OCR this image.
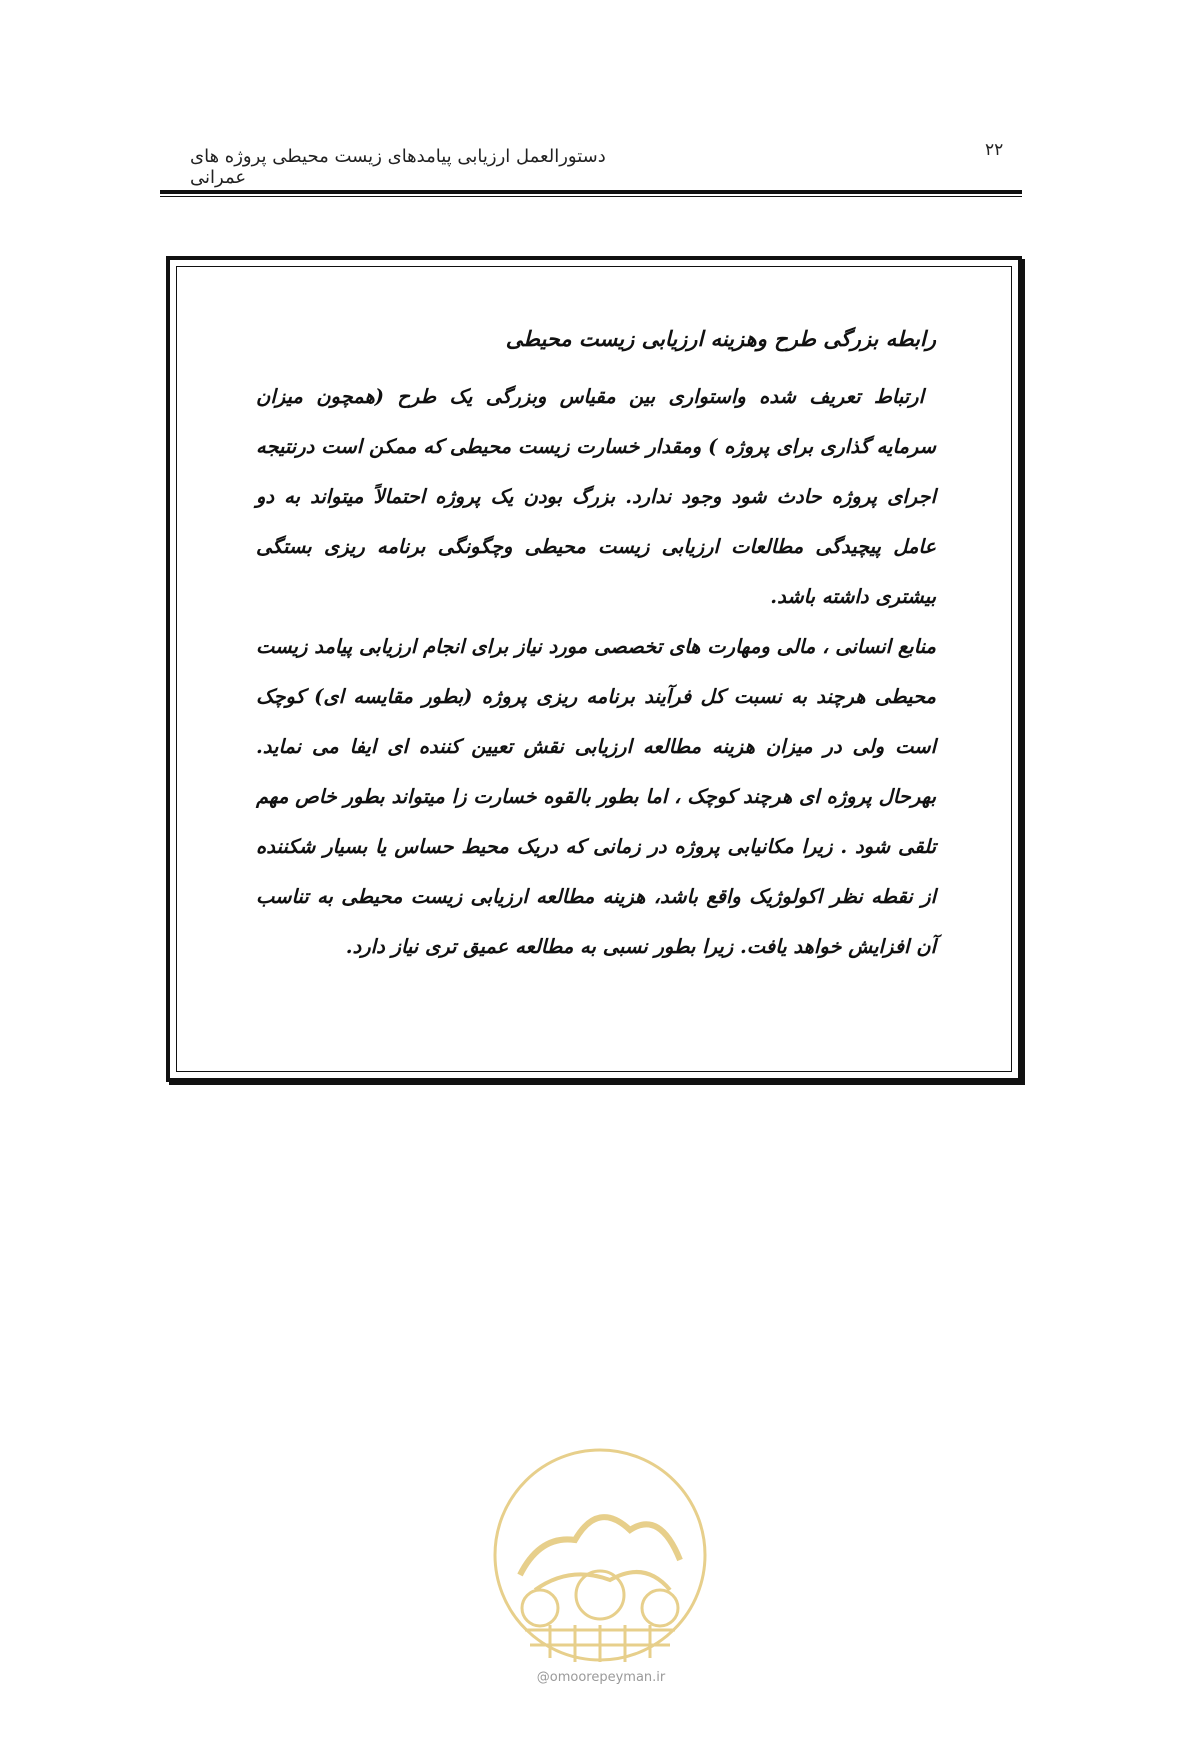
۲۲
دستورالعمل ارزیابی پیامدهای زیست محیطی پروژه های عمرانی
رابطه بزرگی طرح وهزینه ارزیابی زیست محیطی

ارتباط تعریف شده واستواری بین مقیاس وبزرگی یک طرح (همچون میزان سرمایه گذاری برای پروژه ) ومقدار خسارت زیست محیطی که ممکن است درنتیجه اجرای پروژه حادث شود وجود ندارد. بزرگ بودن یک پروژه احتمالاً میتواند به دو عامل پیچیدگی مطالعات ارزیابی زیست محیطی وچگونگی برنامه ریزی بستگی بیشتری داشته باشد.

منابع انسانی ، مالی ومهارت های تخصصی مورد نیاز برای انجام ارزیابی پیامد زیست محیطی هرچند به نسبت کل فرآیند برنامه ریزی پروژه (بطور مقایسه ای) کوچک است ولی در میزان هزینه مطالعه ارزیابی نقش تعیین کننده ای ایفا می نماید. بهرحال پروژه ای هرچند کوچک ، اما بطور بالقوه خسارت زا میتواند بطور خاص مهم تلقی شود . زیرا مکانیابی پروژه در زمانی که دریک محیط حساس یا بسیار شکننده از نقطه نظر اکولوژیک واقع باشد، هزینه مطالعه ارزیابی زیست محیطی به تناسب آن افزایش خواهد یافت. زیرا بطور نسبی به مطالعه عمیق تری نیاز دارد.

@omoorepeyman.ir
